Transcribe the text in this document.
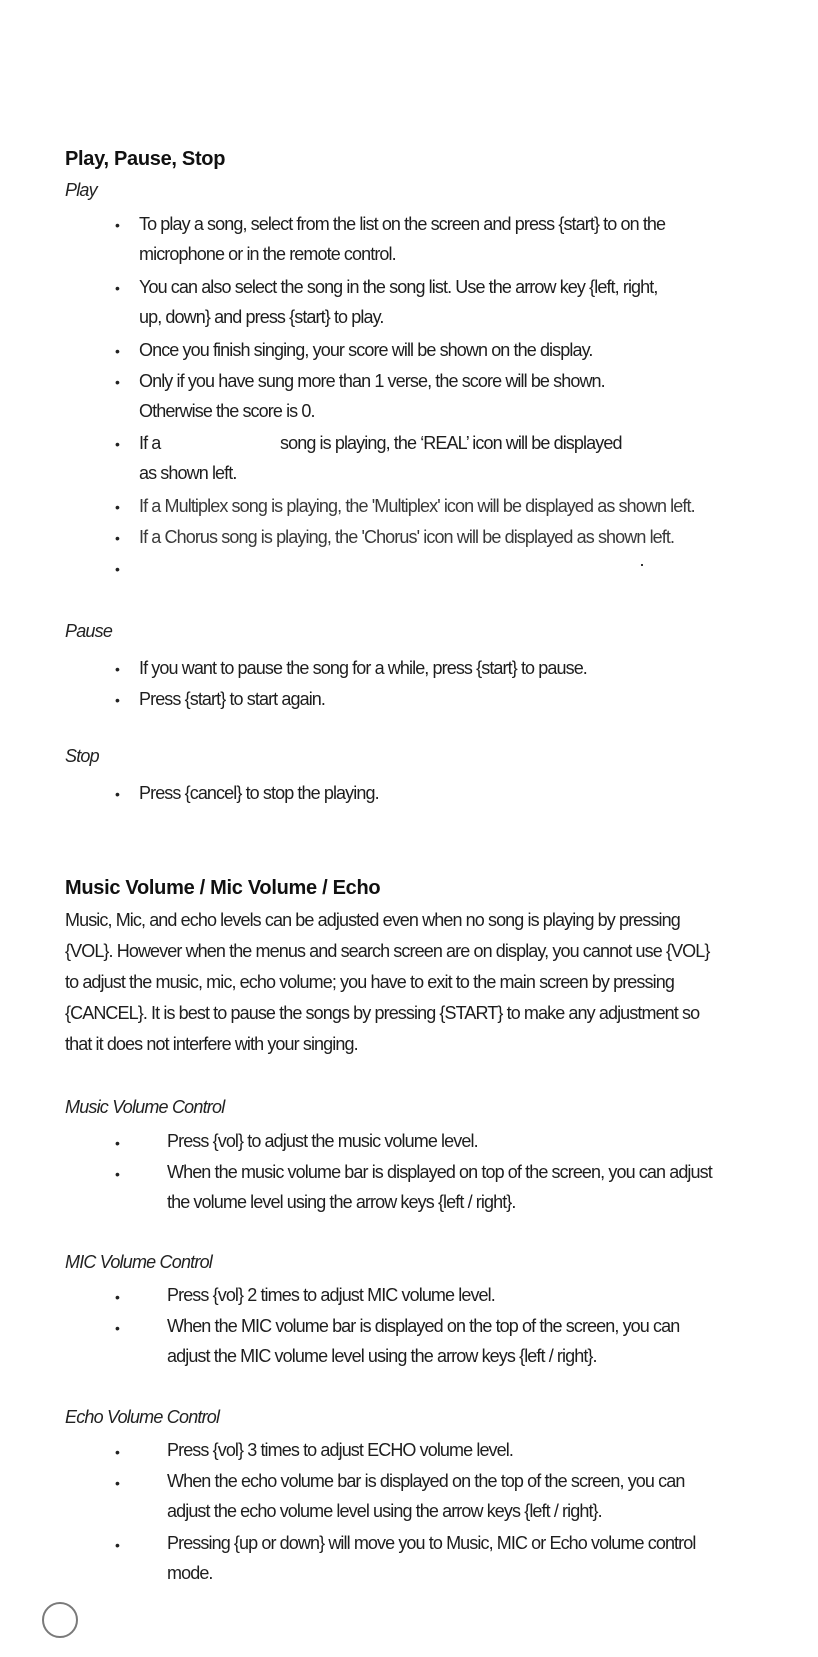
Play, Pause, Stop
Play
• To play a song, select from the list on the screen and press {start} to on the
microphone or in the remote control.
• You can also select the song in the song list. Use the arrow key {left, right,
up, down} and press {start} to play.
• Once you finish singing, your score will be shown on the display.
• Only if you have sung more than 1 verse, the score will be shown.
Otherwise the score is 0.
• If a	song is playing, the ‘REAL’ icon will be displayed
as shown left.
• If a Multiplex song is playing, the 'Multiplex' icon will be displayed as shown left.
• If a Chorus song is playing, the 'Chorus' icon will be displayed as shown left.
•
Pause
• If you want to pause the song for a while, press {start} to pause.
• Press {start} to start again.
Stop
• Press {cancel} to stop the playing.
Music Volume / Mic Volume / Echo

Music, Mic, and echo levels can be adjusted even when no song is playing by pressing {VOL}. However when the menus and search screen are on display, you cannot use {VOL} to adjust the music, mic, echo volume; you have to exit to the main screen by pressing {CANCEL}. It is best to pause the songs by pressing {START} to make any adjustment so that it does not interfere with your singing.

Music Volume Control
•	Press {vol} to adjust the music volume level.
•	When the music volume bar is displayed on top of the screen, you can adjust
the volume level using the arrow keys {left / right}.
MIC Volume Control
•	Press {vol} 2 times to adjust MIC volume level.
•	When the MIC volume bar is displayed on the top of the screen, you can
adjust the MIC volume level using the arrow keys {left / right}.
Echo Volume Control
•	Press {vol} 3 times to adjust ECHO volume level.
•	When the echo volume bar is displayed on the top of the screen, you can
adjust the echo volume level using the arrow keys {left / right}.
•	Pressing {up or down} will move you to Music, MIC or Echo volume control
mode.
